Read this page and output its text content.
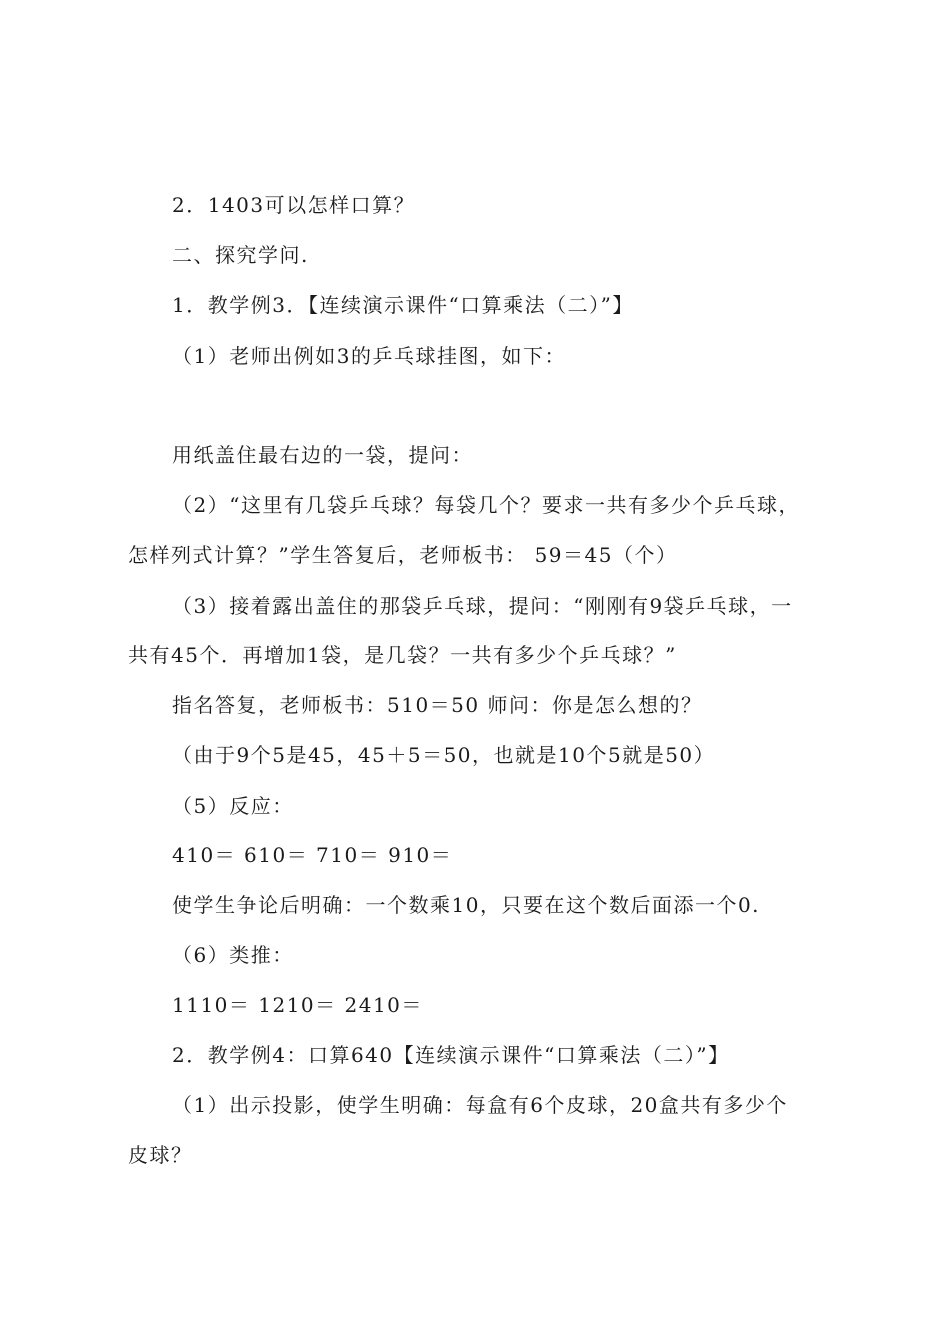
2．1403可以怎样口算？
二、探究学问.
1．教学例3．【连续演示课件“口算乘法（二）”】
（1）老师出例如3的乒乓球挂图，如下：
用纸盖住最右边的一袋，提问：
（2）“这里有几袋乒乓球？每袋几个？要求一共有多少个乒乓球，
怎样列式计算？”学生答复后，老师板书： 59＝45（个）
（3）接着露出盖住的那袋乒乓球，提问：“刚刚有9袋乒乓球，一
共有45个．再增加1袋，是几袋？一共有多少个乒乓球？”
指名答复，老师板书：510＝50 师问：你是怎么想的？
（由于9个5是45，45＋5＝50，也就是10个5就是50）
（5）反应：
410＝ 610＝ 710＝ 910＝
使学生争论后明确：一个数乘10，只要在这个数后面添一个0.
（6）类推：
1110＝ 1210＝ 2410＝
2．教学例4：口算640【连续演示课件“口算乘法（二）”】
（1）出示投影，使学生明确：每盒有6个皮球，20盒共有多少个
皮球？
